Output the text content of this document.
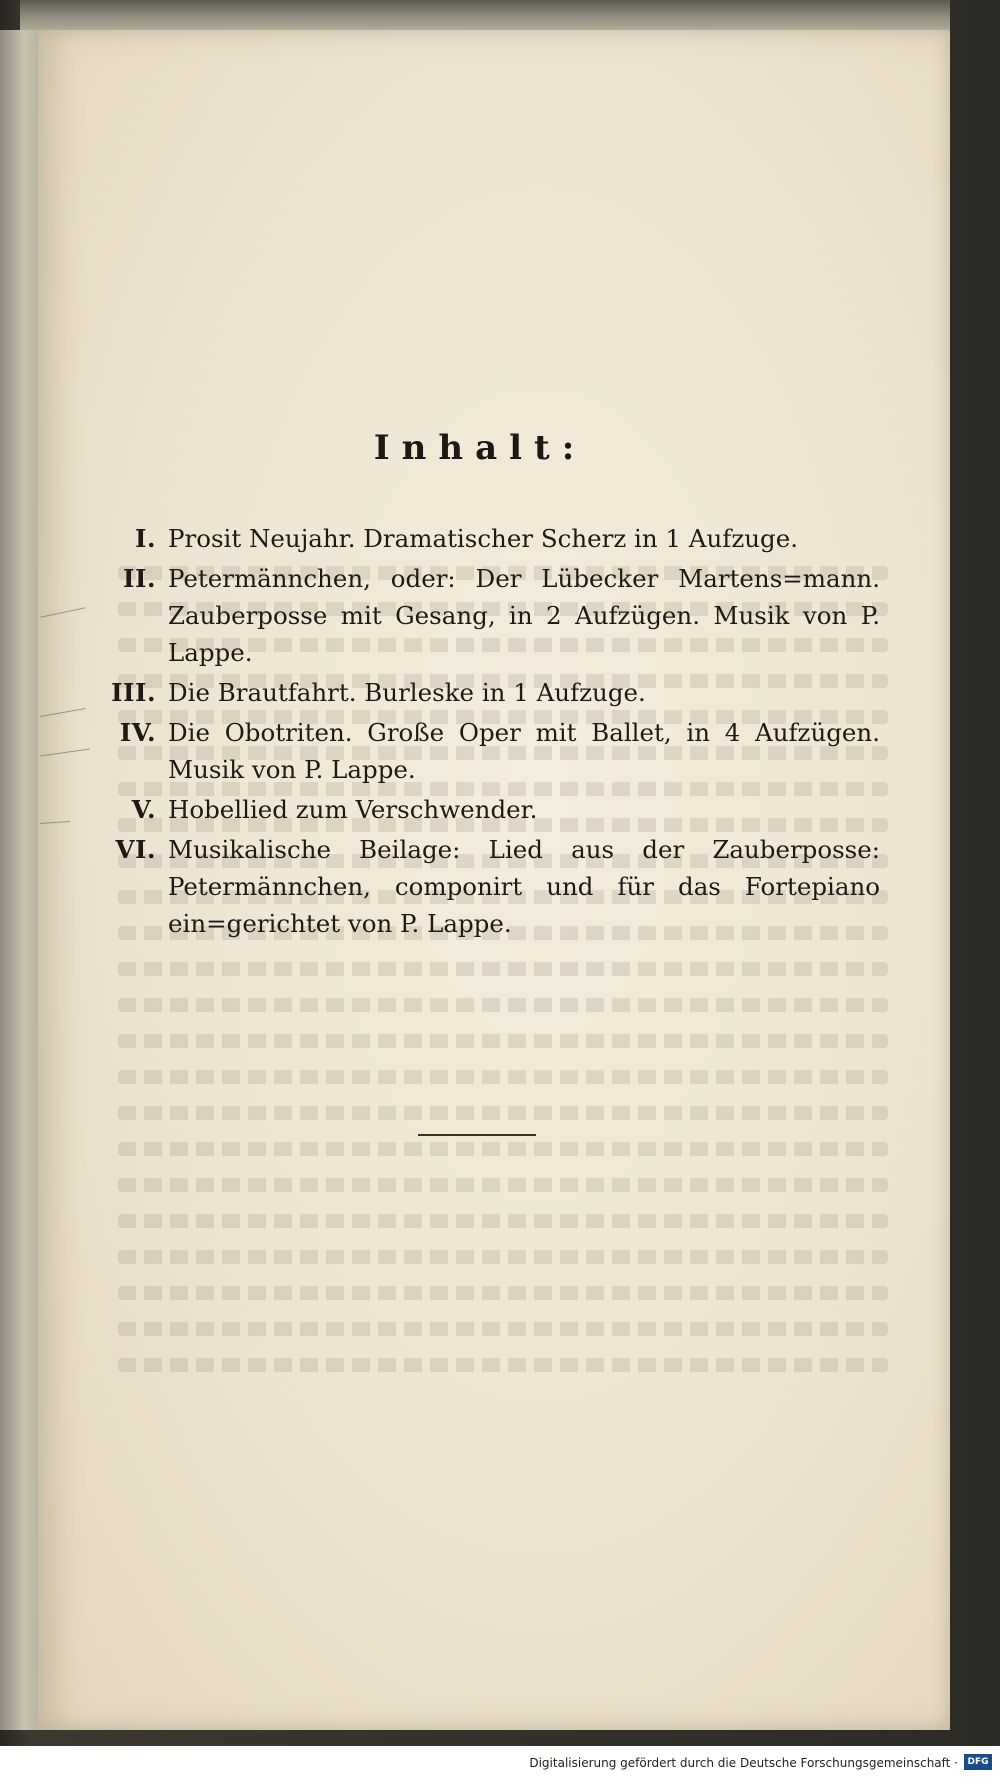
Inhalt:
I. Prosit Neujahr. Dramatischer Scherz in 1 Aufzuge.
II. Petermännchen, oder: Der Lübecker Martens=mann. Zauberposse mit Gesang, in 2 Aufzügen. Musik von P. Lappe.
III. Die Brautfahrt. Burleske in 1 Aufzuge.
IV. Die Obotriten. Große Oper mit Ballet, in 4 Aufzügen. Musik von P. Lappe.
V. Hobellied zum Verschwender.
VI. Musikalische Beilage: Lied aus der Zauberposse: Petermännchen, componirt und für das Fortepiano ein=gerichtet von P. Lappe.
Digitalisierung gefördert durch die Deutsche Forschungsgemeinschaft ·	DFG
